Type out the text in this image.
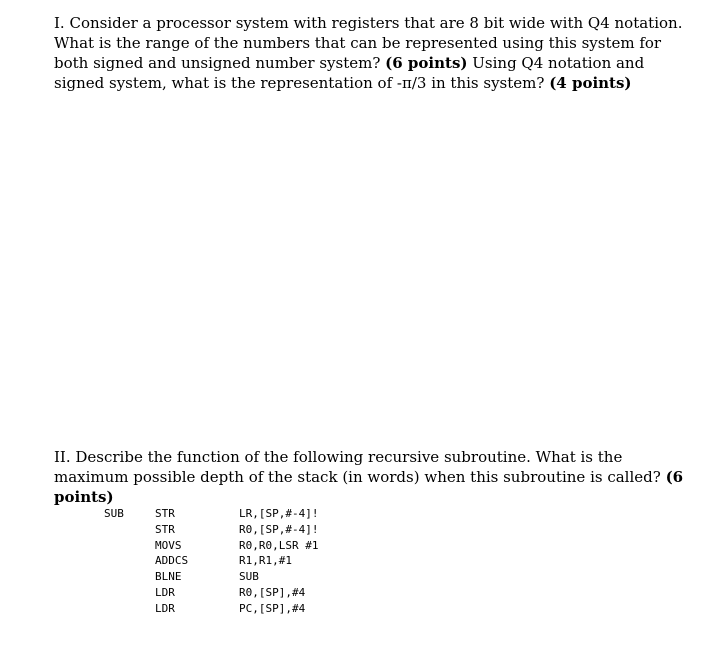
I. Consider a processor system with registers that are 8 bit wide with Q4 notation. What is the range of the numbers that can be represented using this system for both signed and unsigned number system? (6 points) Using Q4 notation and signed system, what is the representation of -π/3 in this system? (4 points)

II. Describe the function of the following recursive subroutine. What is the maximum possible depth of the stack (in words) when this subroutine is called? (6 points)

SUB	STR	LR,[SP,#-4]!
	STR	R0,[SP,#-4]!
	MOVS	R0,R0,LSR #1
	ADDCS	R1,R1,#1
	BLNE	SUB
	LDR	R0,[SP],#4
	LDR	PC,[SP],#4
